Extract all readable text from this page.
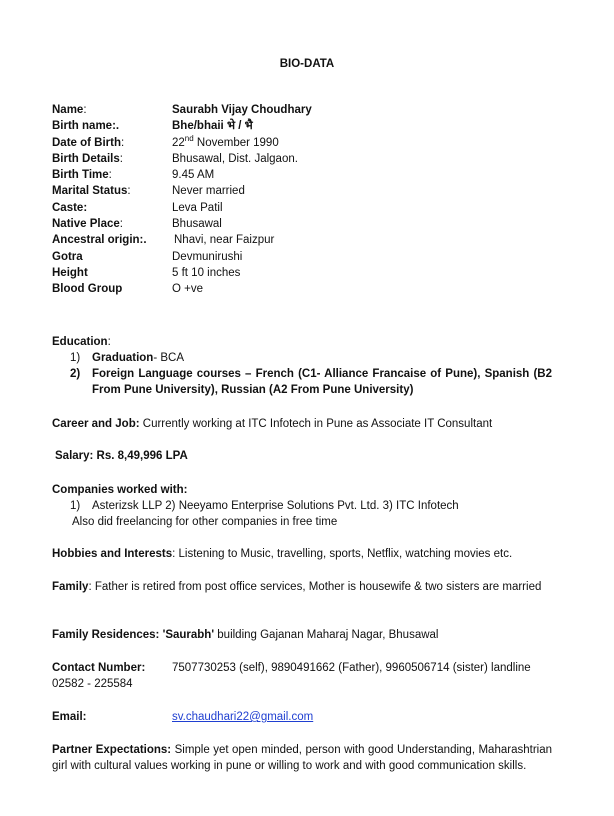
BIO-DATA
Name:	Saurabh Vijay Choudhary
Birth name:.	Bhe/bhaii भे / भै
Date of Birth:	22nd November 1990
Birth Details:	Bhusawal, Dist. Jalgaon.
Birth Time:	9.45 AM
Marital Status:	Never married
Caste:	Leva Patil
Native Place:	Bhusawal
Ancestral origin:. Nhavi, near Faizpur
Gotra	Devmunirushi
Height	5 ft 10 inches
Blood Group	O +ve
Education:
1) Graduation- BCA
2) Foreign Language courses – French (C1- Alliance Francaise of Pune), Spanish (B2 From Pune University), Russian (A2 From Pune University)
Career and Job: Currently working at ITC Infotech in Pune as Associate IT Consultant
Salary: Rs. 8,49,996 LPA
Companies worked with:
1) Asterizsk LLP 2) Neeyamo Enterprise Solutions Pvt. Ltd. 3) ITC Infotech
Also did freelancing for other companies in free time
Hobbies and Interests: Listening to Music, travelling, sports, Netflix, watching movies etc.
Family: Father is retired from post office services, Mother is housewife & two sisters are married
Family Residences: 'Saurabh' building Gajanan Maharaj Nagar, Bhusawal
Contact Number: 7507730253 (self), 9890491662 (Father), 9960506714 (sister) landline
02582 - 225584
Email:	sv.chaudhari22@gmail.com
Partner Expectations: Simple yet open minded, person with good Understanding, Maharashtrian girl with cultural values working in pune or willing to work and with good communication skills.
